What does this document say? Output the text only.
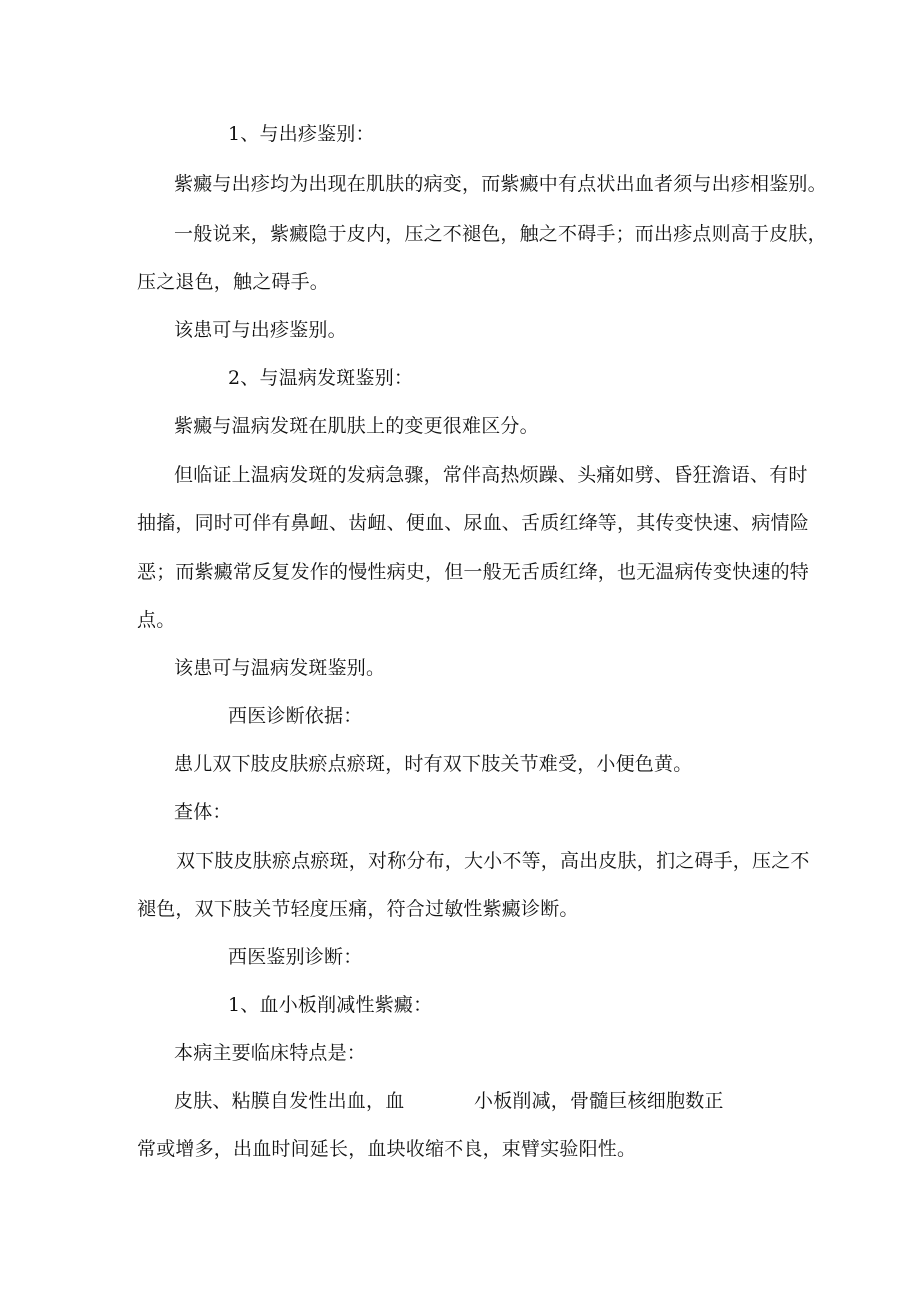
1、与出疹鉴别：
紫癜与出疹均为出现在肌肤的病变，而紫癜中有点状出血者须与出疹相鉴别。
一般说来，紫癜隐于皮内，压之不褪色，触之不碍手；而出疹点则高于皮肤，
压之退色，触之碍手。
该患可与出疹鉴别。
2、与温病发斑鉴别：
紫癜与温病发斑在肌肤上的变更很难区分。
但临证上温病发斑的发病急骤，常伴高热烦躁、头痛如劈、昏狂澹语、有时
抽搐，同时可伴有鼻衄、齿衄、便血、尿血、舌质红绛等，其传变快速、病情险
恶；而紫癜常反复发作的慢性病史，但一般无舌质红绛，也无温病传变快速的特
点。
该患可与温病发斑鉴别。
西医诊断依据：
患儿双下肢皮肤瘀点瘀斑，时有双下肢关节难受，小便色黄。
查体：
双下肢皮肤瘀点瘀斑，对称分布，大小不等，高出皮肤，扪之碍手，压之不
褪色，双下肢关节轻度压痛，符合过敏性紫癜诊断。
西医鉴别诊断：
1、血小板削减性紫癜：
本病主要临床特点是：
皮肤、粘膜自发性出血，血	小板削减，骨髓巨核细胞数正
常或增多，出血时间延长，血块收缩不良，束臂实验阳性。
